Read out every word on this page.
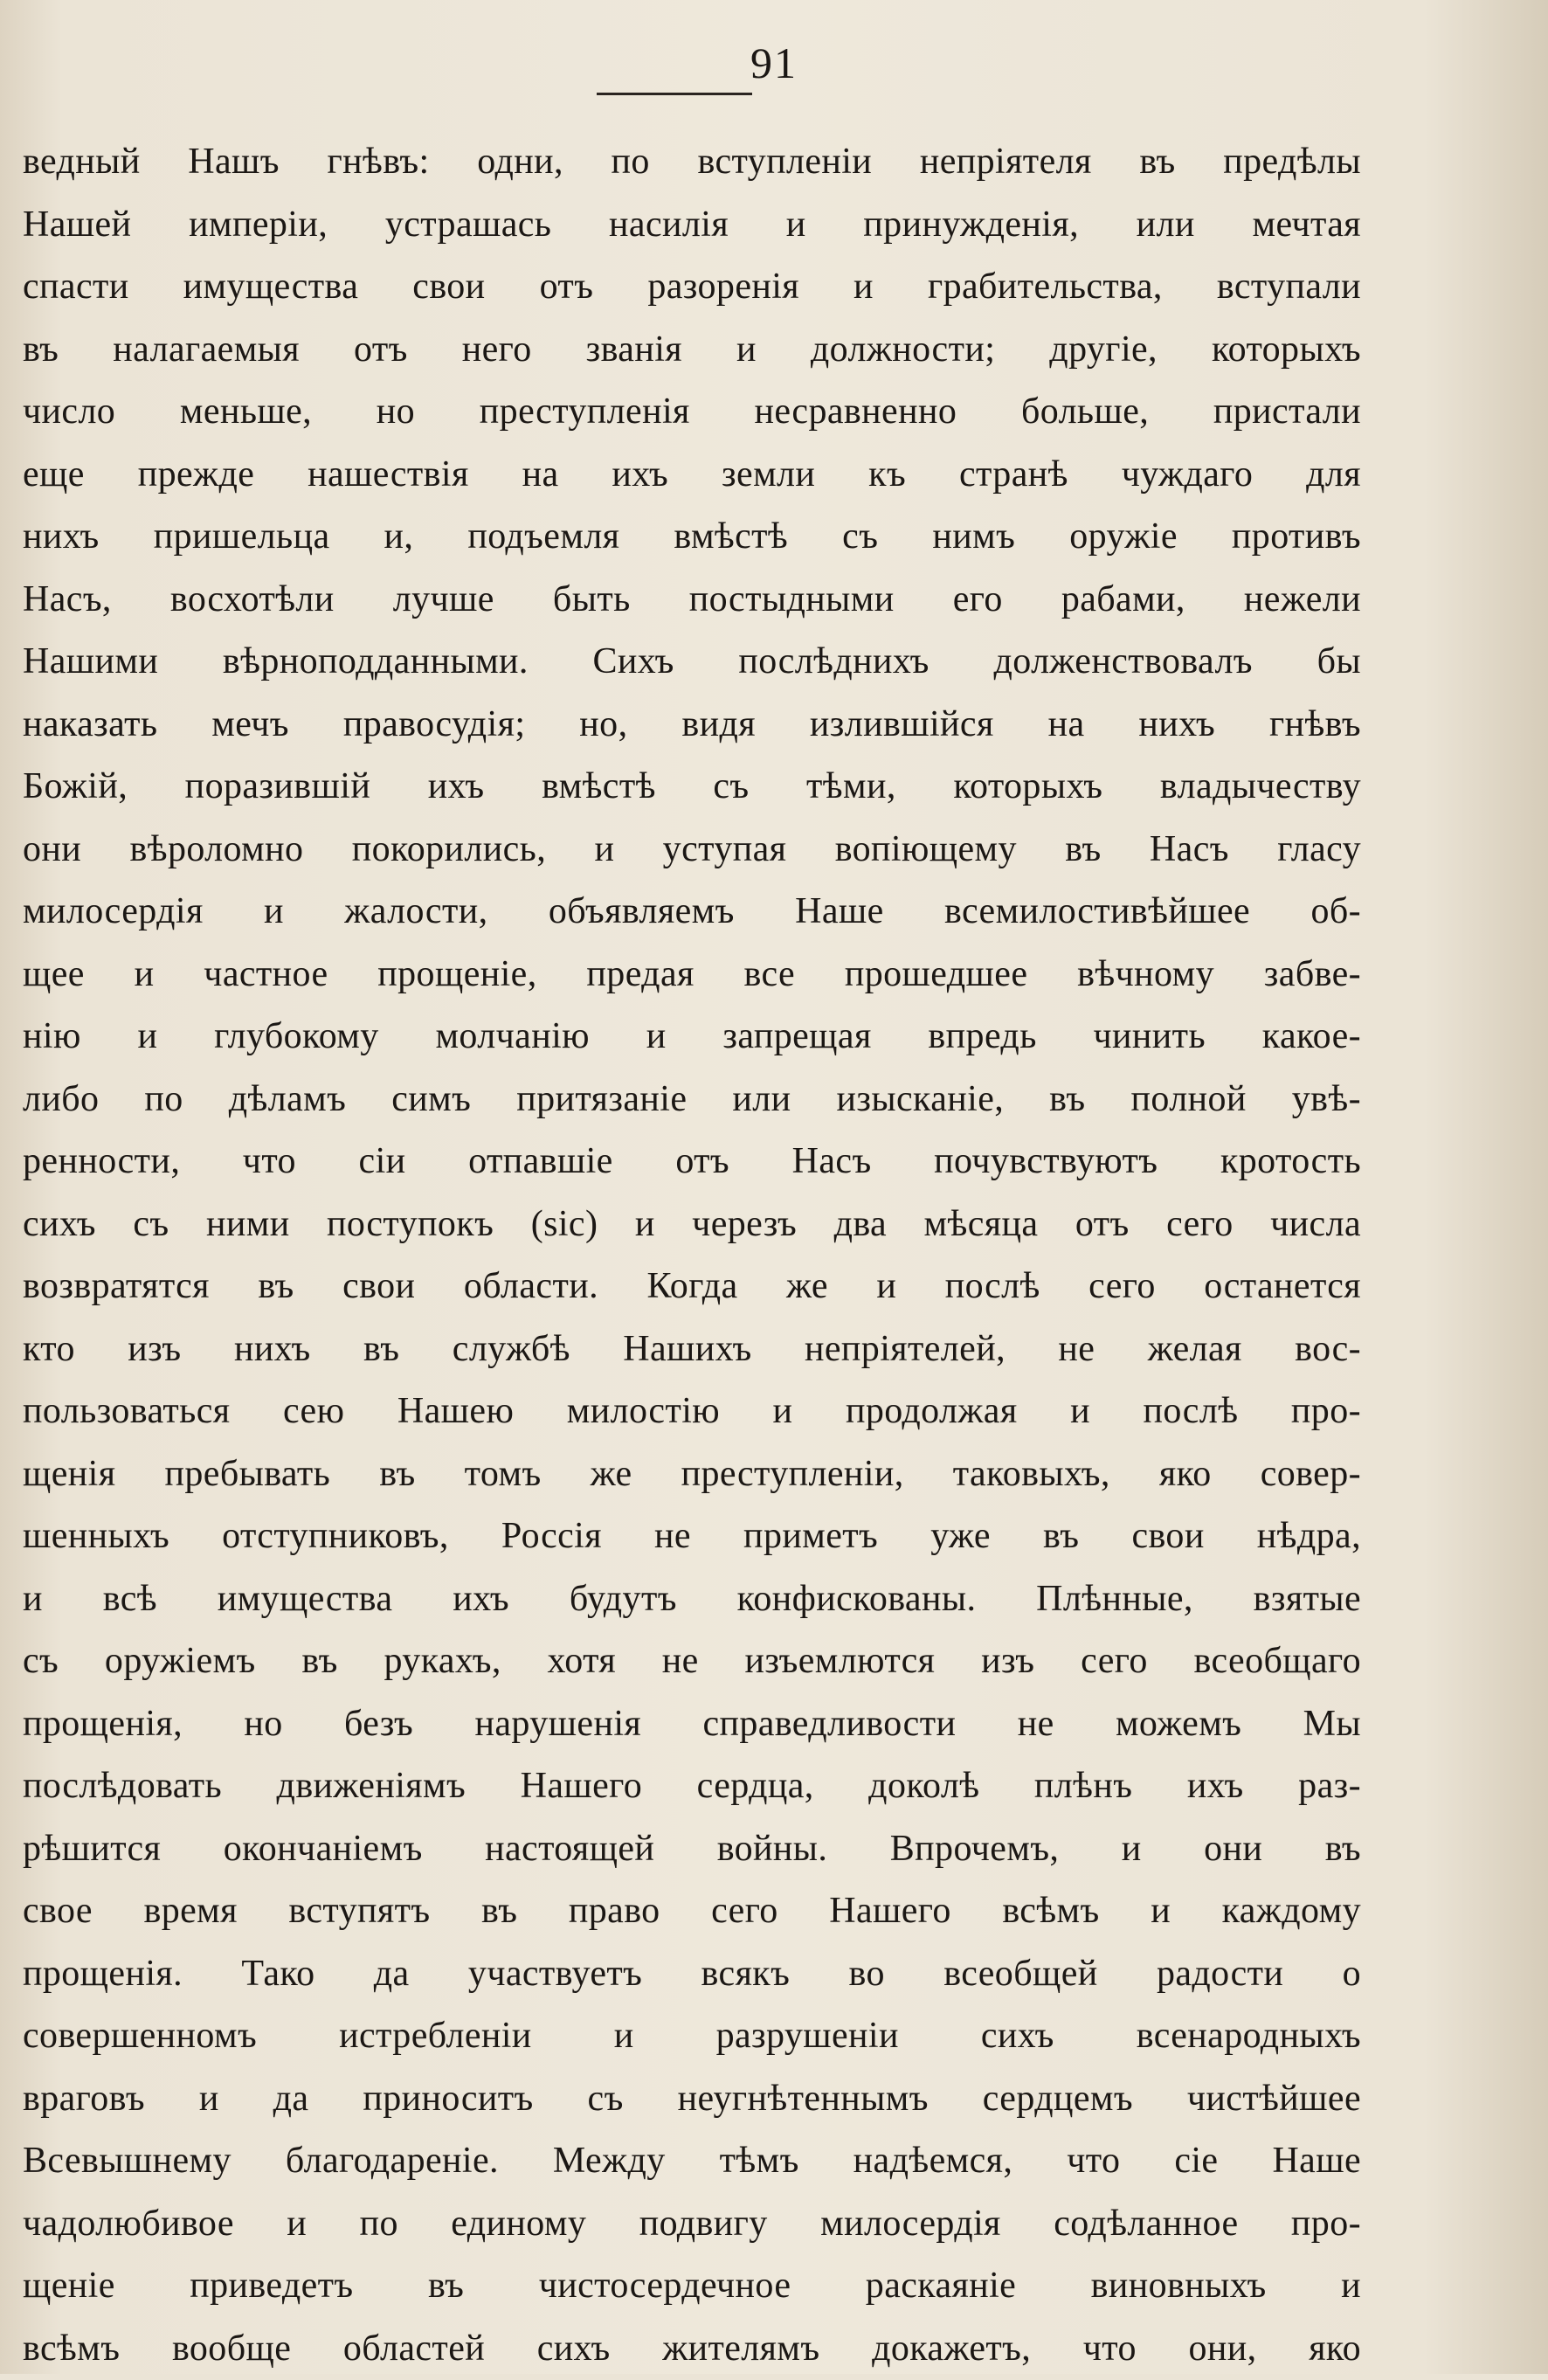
91
ведный Нашъ гнѣвъ: одни, по вступленіи непріятеля въ предѣлы
Нашей имперіи, устрашась насилія и принужденія, или мечтая
спасти имущества свои отъ разоренія и грабительства, вступали
въ налагаемыя отъ него званія и должности; другіе, которыхъ
число меньше, но преступленія несравненно больше, пристали
еще прежде нашествія на ихъ земли къ странѣ чуждаго для
нихъ пришельца и, подъемля вмѣстѣ съ нимъ оружіе противъ
Насъ, восхотѣли лучше быть постыдными его рабами, нежели
Нашими вѣрноподданными. Сихъ послѣднихъ долженствовалъ бы
наказать мечъ правосудія; но, видя излившійся на нихъ гнѣвъ
Божій, поразившій ихъ вмѣстѣ съ тѣми, которыхъ владычеству
они вѣроломно покорились, и уступая вопіющему въ Насъ гласу
милосердія и жалости, объявляемъ Наше всемилостивѣйшее об-
щее и частное прощеніе, предая все прошедшее вѣчному забве-
нію и глубокому молчанію и запрещая впредь чинить какое-
либо по дѣламъ симъ притязаніе или изысканіе, въ полной увѣ-
ренности, что сіи отпавшіе отъ Насъ почувствуютъ кротость
сихъ съ ними поступокъ (sic) и черезъ два мѣсяца отъ сего числа
возвратятся въ свои области. Когда же и послѣ сего останется
кто изъ нихъ въ службѣ Нашихъ непріятелей, не желая вос-
пользоваться сею Нашею милостію и продолжая и послѣ про-
щенія пребывать въ томъ же преступленіи, таковыхъ, яко совер-
шенныхъ отступниковъ, Россія не приметъ уже въ свои нѣдра,
и всѣ имущества ихъ будутъ конфискованы. Плѣнные, взятые
съ оружіемъ въ рукахъ, хотя не изъемлются изъ сего всеобщаго
прощенія, но безъ нарушенія справедливости не можемъ Мы
послѣдовать движеніямъ Нашего сердца, доколѣ плѣнъ ихъ раз-
рѣшится окончаніемъ настоящей войны. Впрочемъ, и они въ
свое время вступятъ въ право сего Нашего всѣмъ и каждому
прощенія. Тако да участвуетъ всякъ во всеобщей радости о
совершенномъ истребленіи и разрушеніи сихъ всенародныхъ
враговъ и да приноситъ съ неугнѣтеннымъ сердцемъ чистѣйшее
Всевышнему благодареніе. Между тѣмъ надѣемся, что сіе Наше
чадолюбивое и по единому подвигу милосердія содѣланное про-
щеніе приведетъ въ чистосердечное раскаяніе виновныхъ и
всѣмъ вообще областей сихъ жителямъ докажетъ, что они, яко
